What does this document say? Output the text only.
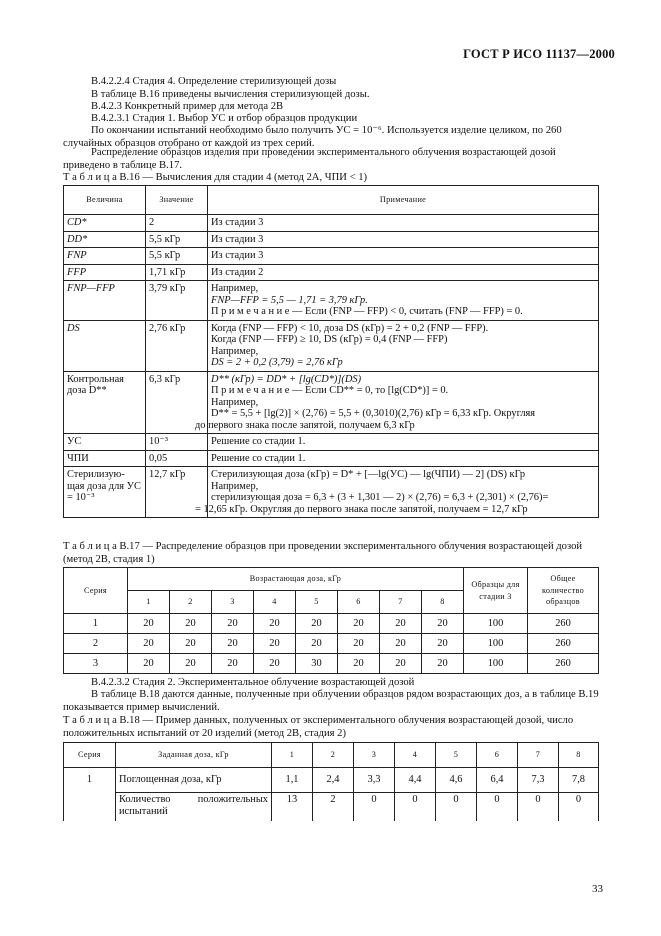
ГОСТ Р ИСО 11137—2000
В.4.2.2.4 Стадия 4. Определение стерилизующей дозы
В таблице В.16 приведены вычисления стерилизующей дозы.
В.4.2.3 Конкретный пример для метода 2В
В.4.2.3.1 Стадия 1. Выбор УС и отбор образцов продукции
По окончании испытаний необходимо было получить УС = 10⁻⁶. Используется изделие целиком, по 260 случайных образцов отобрано от каждой из трех серий.
Распределение образцов изделия при проведении экспериментального облучения возрастающей дозой приведено в таблице В.17.
Т а б л и ц а В.16 — Вычисления для стадии 4 (метод 2А, ЧПИ < 1)
Величина	Значение	Примечание
CD*	2	Из стадии 3

DD*	5,5 кГр	Из стадии 3

FNP	5,5 кГр	Из стадии 3

FFP	1,71 кГр	Из стадии 2

FNP—FFP	3,79 кГр	Например,
FNP—FFP = 5,5 — 1,71 = 3,79 кГр.
П р и м е ч а н и е — Если (FNP — FFP) < 0, считать (FNP — FFP) = 0.

DS	2,76 кГр	Когда (FNP — FFP) < 10, доза DS (кГр) = 2 + 0,2 (FNP — FFP).
Когда (FNP — FFP) ≥ 10, DS (кГр) = 0,4 (FNP — FFP)
Например,
DS = 2 + 0,2 (3,79) = 2,76 кГр

Контрольная доза D**	6,3 кГр	D** (кГр) = DD* + [lg(CD*)](DS)
П р и м е ч а н и е — Если CD** = 0, то [lg(CD*)] = 0.
Например,
D** = 5,5 + [lg(2)] × (2,76) = 5,5 + (0,3010)(2,76) кГр = 6,33 кГр. Округляя
до первого знака после запятой, получаем 6,3 кГр

УС	10⁻³	Решение со стадии 1.

ЧПИ	0,05	Решение со стадии 1.

Стерилизую-щая доза для УС = 10⁻³	12,7 кГр	Стерилизующая доза (кГр) = D* + [—lg(УС) — lg(ЧПИ) — 2] (DS) кГр
Например,
стерилизующая доза = 6,3 + (3 + 1,301 — 2) × (2,76) = 6,3 + (2,301) × (2,76)=
= 12,65 кГр. Округляя до первого знака после запятой, получаем = 12,7 кГр
Т а б л и ц а В.17 — Распределение образцов при проведении экспериментального облучения возрастающей дозой (метод 2В, стадия 1)
Серия	Возрастающая доза, кГр								Образцы для стадии 3	Общее количество образцов
	1	2	3	4	5	6	7	8		
1	20	20	20	20	20	20	20	20	100	260
2	20	20	20	20	20	20	20	20	100	260
3	20	20	20	20	30	20	20	20	100	260
В.4.2.3.2 Стадия 2. Экспериментальное облучение возрастающей дозой
В таблице В.18 даются данные, полученные при облучении образцов рядом возрастающих доз, а в таблице В.19 показывается пример вычислений.
Т а б л и ц а В.18 — Пример данных, полученных от экспериментального облучения возрастающей дозой, число положительных испытаний от 20 изделий (метод 2В, стадия 2)
Серия	Заданная доза, кГр	1	2	3	4	5	6	7	8
1	Поглощенная доза, кГр	1,1	2,4	3,3	4,4	4,6	6,4	7,3	7,8
	Количество положительных испытаний	13	2	0	0	0	0	0	0
33
